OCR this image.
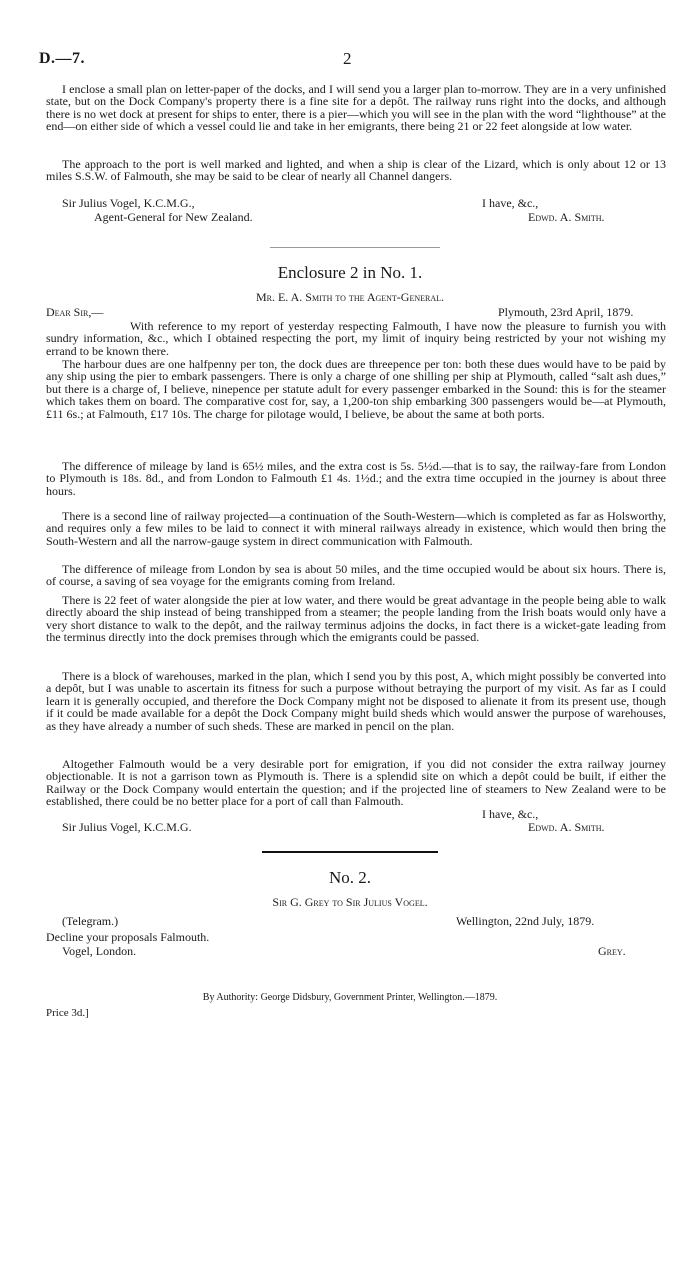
D.—7.	2

I enclose a small plan on letter-paper of the docks, and I will send you a larger plan to-morrow. They are in a very unfinished state, but on the Dock Company's property there is a fine site for a depôt. The railway runs right into the docks, and although there is no wet dock at present for ships to enter, there is a pier—which you will see in the plan with the word “lighthouse” at the end—on either side of which a vessel could lie and take in her emigrants, there being 21 or 22 feet alongside at low water.

The approach to the port is well marked and lighted, and when a ship is clear of the Lizard, which is only about 12 or 13 miles S.S.W. of Falmouth, she may be said to be clear of nearly all Channel dangers.

Sir Julius Vogel, K.C.M.G.,
Agent-General for New Zealand.
I have, &c.,
Edwd. A. Smith.
Enclosure 2 in No. 1.
Mr. E. A. Smith to the Agent-General.
Dear Sir,—	Plymouth, 23rd April, 1879.

With reference to my report of yesterday respecting Falmouth, I have now the pleasure to furnish you with sundry information, &c., which I obtained respecting the port, my limit of inquiry being restricted by your not wishing my errand to be known there.

The harbour dues are one halfpenny per ton, the dock dues are threepence per ton: both these dues would have to be paid by any ship using the pier to embark passengers. There is only a charge of one shilling per ship at Plymouth, called “salt ash dues,” but there is a charge of, I believe, ninepence per statute adult for every passenger embarked in the Sound: this is for the steamer which takes them on board. The comparative cost for, say, a 1,200-ton ship embarking 300 passengers would be—at Plymouth, £11 6s.; at Falmouth, £17 10s. The charge for pilotage would, I believe, be about the same at both ports.

The difference of mileage by land is 65½ miles, and the extra cost is 5s. 5½d.—that is to say, the railway-fare from London to Plymouth is 18s. 8d., and from London to Falmouth £1 4s. 1½d.; and the extra time occupied in the journey is about three hours.

There is a second line of railway projected—a continuation of the South-Western—which is completed as far as Holsworthy, and requires only a few miles to be laid to connect it with mineral railways already in existence, which would then bring the South-Western and all the narrow-gauge system in direct communication with Falmouth.

The difference of mileage from London by sea is about 50 miles, and the time occupied would be about six hours. There is, of course, a saving of sea voyage for the emigrants coming from Ireland.

There is 22 feet of water alongside the pier at low water, and there would be great advantage in the people being able to walk directly aboard the ship instead of being transhipped from a steamer; the people landing from the Irish boats would only have a very short distance to walk to the depôt, and the railway terminus adjoins the docks, in fact there is a wicket-gate leading from the terminus directly into the dock premises through which the emigrants could be passed.

There is a block of warehouses, marked in the plan, which I send you by this post, A, which might possibly be converted into a depôt, but I was unable to ascertain its fitness for such a purpose without betraying the purport of my visit. As far as I could learn it is generally occupied, and therefore the Dock Company might not be disposed to alienate it from its present use, though if it could be made available for a depôt the Dock Company might build sheds which would answer the purpose of warehouses, as they have already a number of such sheds. These are marked in pencil on the plan.

Altogether Falmouth would be a very desirable port for emigration, if you did not consider the extra railway journey objectionable. It is not a garrison town as Plymouth is. There is a splendid site on which a depôt could be built, if either the Railway or the Dock Company would entertain the question; and if the projected line of steamers to New Zealand were to be established, there could be no better place for a port of call than Falmouth.

I have, &c.,
Sir Julius Vogel, K.C.M.G.	Edwd. A. Smith.
No. 2.
Sir G. Grey to Sir Julius Vogel.
(Telegram.)	Wellington, 22nd July, 1879.
Decline your proposals Falmouth.
Vogel, London.	Grey.
By Authority: George Didsbury, Government Printer, Wellington.—1879.
Price 3d.]
